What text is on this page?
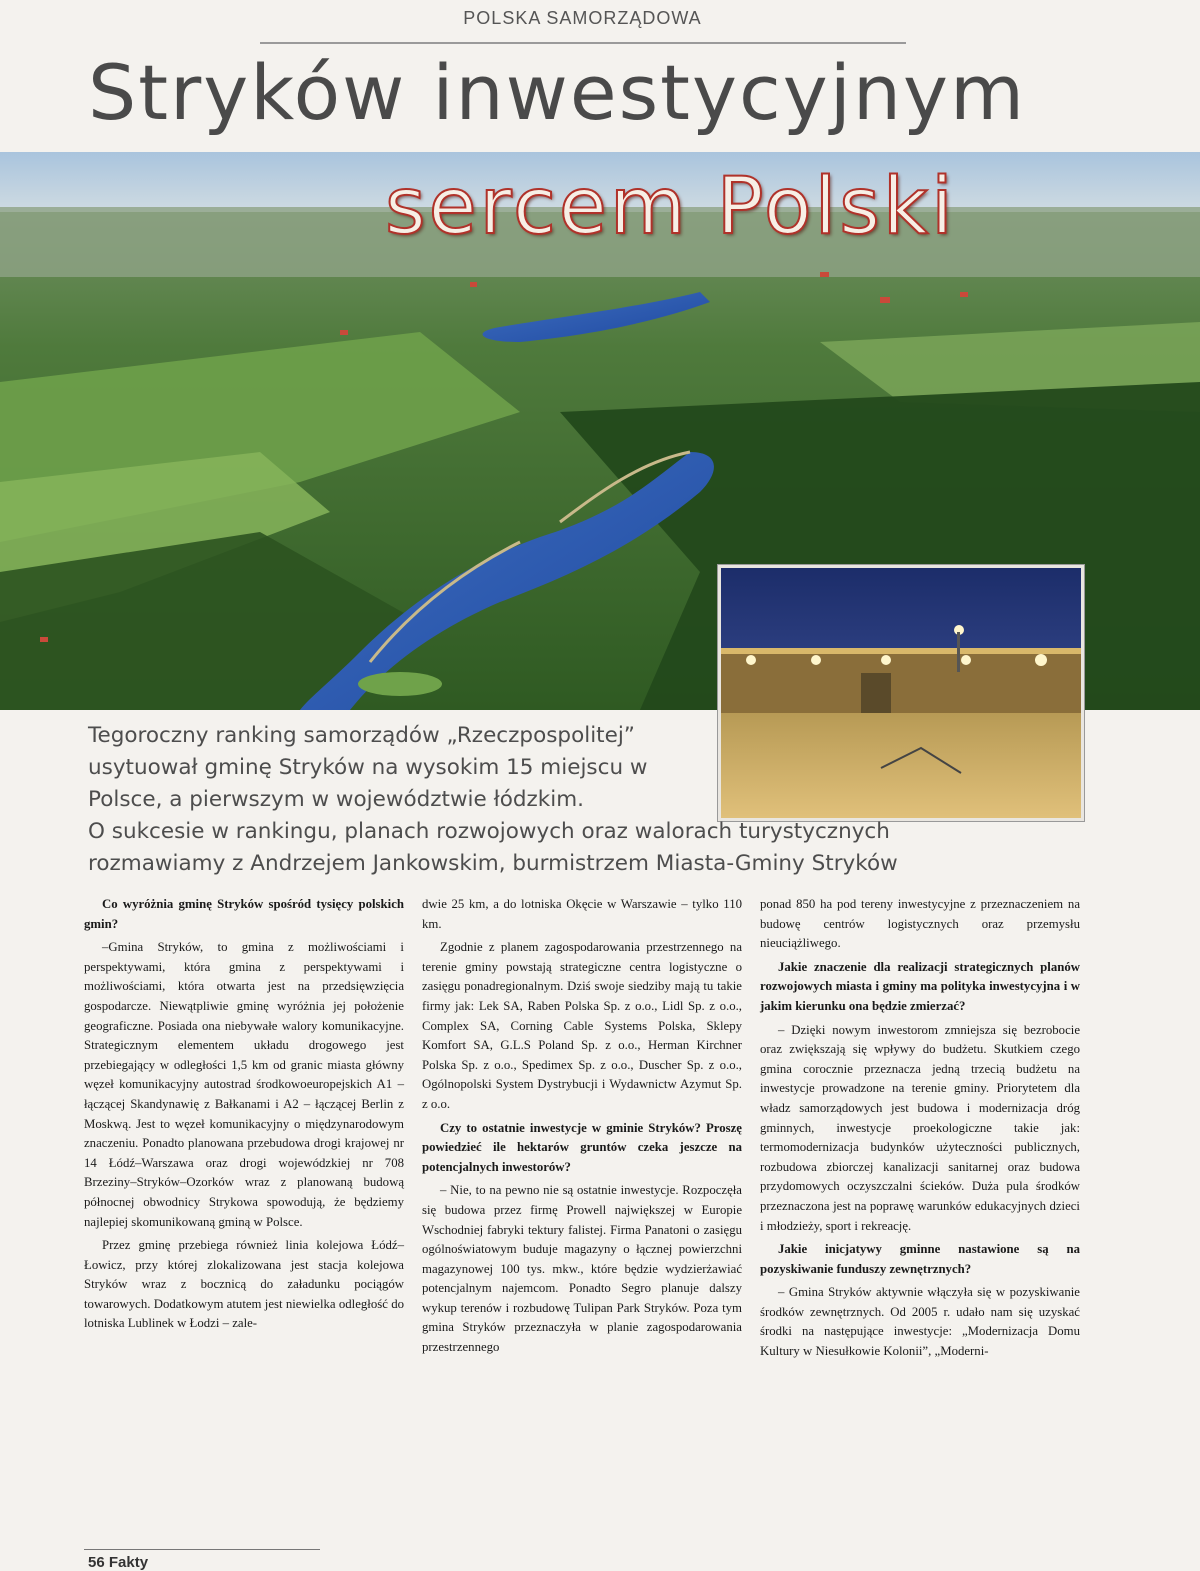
POLSKA SAMORZĄDOWA
Stryków inwestycyjnym
sercem Polski

Tegoroczny ranking samorządów „Rzeczpospolitej” usytuował gminę Stryków na wysokim 15 miejscu w Polsce, a pierwszym w województwie łódzkim.

O sukcesie w rankingu, planach rozwojowych oraz walorach turystycznych rozmawiamy z Andrzejem Jankowskim, burmistrzem Miasta-Gminy Stryków

Co wyróżnia gminę Stryków spośród tysięcy polskich gmin?

–Gmina Stryków, to gmina z możliwościami i perspektywami, która gmina z perspektywami i możliwościami, która otwarta jest na przedsięwzięcia gospodarcze. Niewątpliwie gminę wyróżnia jej położenie geograficzne. Posiada ona niebywałe walory komunikacyjne. Strategicznym elementem układu drogowego jest przebiegający w odległości 1,5 km od granic miasta główny węzeł komunikacyjny autostrad środkowoeuropejskich A1 – łączącej Skandynawię z Bałkanami i A2 – łączącej Berlin z Moskwą. Jest to węzeł komunikacyjny o międzynarodowym znaczeniu. Ponadto planowana przebudowa drogi krajowej nr 14 Łódź–Warszawa oraz drogi wojewódzkiej nr 708 Brzeziny–Stryków–Ozorków wraz z planowaną budową północnej obwodnicy Strykowa spowodują, że będziemy najlepiej skomunikowaną gminą w Polsce.

Przez gminę przebiega również linia kolejowa Łódź–Łowicz, przy której zlokalizowana jest stacja kolejowa Stryków wraz z bocznicą do załadunku pociągów towarowych. Dodatkowym atutem jest niewielka odległość do lotniska Lublinek w Łodzi – zale-

dwie 25 km, a do lotniska Okęcie w Warszawie – tylko 110 km.

Zgodnie z planem zagospodarowania przestrzennego na terenie gminy powstają strategiczne centra logistyczne o zasięgu ponadregionalnym. Dziś swoje siedziby mają tu takie firmy jak: Lek SA, Raben Polska Sp. z o.o., Lidl Sp. z o.o., Complex SA, Corning Cable Systems Polska, Sklepy Komfort SA, G.L.S Poland Sp. z o.o., Herman Kirchner Polska Sp. z o.o., Spedimex Sp. z o.o., Duscher Sp. z o.o., Ogólnopolski System Dystrybucji i Wydawnictw Azymut Sp. z o.o.

Czy to ostatnie inwestycje w gminie Stryków? Proszę powiedzieć ile hektarów gruntów czeka jeszcze na potencjalnych inwestorów?

– Nie, to na pewno nie są ostatnie inwestycje. Rozpoczęła się budowa przez firmę Prowell największej w Europie Wschodniej fabryki tektury falistej. Firma Panatoni o zasięgu ogólnoświatowym buduje magazyny o łącznej powierzchni magazynowej 100 tys. mkw., które będzie wydzierżawiać potencjalnym najemcom. Ponadto Segro planuje dalszy wykup terenów i rozbudowę Tulipan Park Stryków. Poza tym gmina Stryków przeznaczyła w planie zagospodarowania przestrzennego

ponad 850 ha pod tereny inwestycyjne z przeznaczeniem na budowę centrów logistycznych oraz przemysłu nieuciążliwego.

Jakie znaczenie dla realizacji strategicznych planów rozwojowych miasta i gminy ma polityka inwestycyjna i w jakim kierunku ona będzie zmierzać?

– Dzięki nowym inwestorom zmniejsza się bezrobocie oraz zwiększają się wpływy do budżetu. Skutkiem czego gmina corocznie przeznacza jedną trzecią budżetu na inwestycje prowadzone na terenie gminy. Priorytetem dla władz samorządowych jest budowa i modernizacja dróg gminnych, inwestycje proekologiczne takie jak: termomodernizacja budynków użyteczności publicznych, rozbudowa zbiorczej kanalizacji sanitarnej oraz budowa przydomowych oczyszczalni ścieków. Duża pula środków przeznaczona jest na poprawę warunków edukacyjnych dzieci i młodzieży, sport i rekreację.

Jakie inicjatywy gminne nastawione są na pozyskiwanie funduszy zewnętrznych?

– Gmina Stryków aktywnie włączyła się w pozyskiwanie środków zewnętrznych. Od 2005 r. udało nam się uzyskać środki na następujące inwestycje: „Modernizacja Domu Kultury w Niesułkowie Kolonii”, „Moderni-

56 Fakty
